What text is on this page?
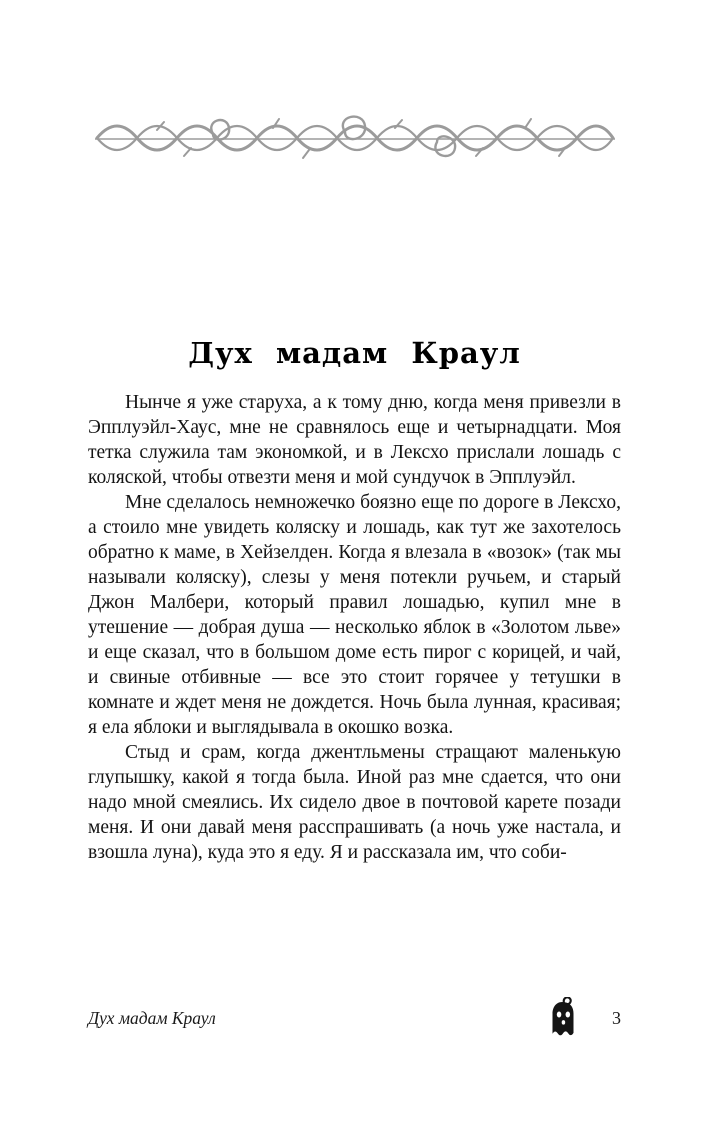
Дух мадам Краул

Нынче я уже старуха, а к тому дню, когда меня привезли в Эпплуэйл-Хаус, мне не сравнялось еще и четырнадцати. Моя тетка служила там экономкой, и в Лексхо прислали лошадь с коляской, чтобы отвезти меня и мой сундучок в Эпплуэйл.

Мне сделалось немножечко боязно еще по дороге в Лексхо, а стоило мне увидеть коляску и лошадь, как тут же захотелось обратно к маме, в Хейзелден. Когда я влезала в «возок» (так мы называли коляску), слезы у меня потекли ручьем, и старый Джон Малбери, который правил лошадью, купил мне в утешение — добрая душа — несколько яблок в «Золотом льве» и еще сказал, что в большом доме есть пирог с корицей, и чай, и свиные отбивные — все это стоит горячее у тетушки в комнате и ждет меня не дождется. Ночь была лунная, красивая; я ела яблоки и выглядывала в окошко возка.

Стыд и срам, когда джентльмены стращают маленькую глупышку, какой я тогда была. Иной раз мне сдается, что они надо мной смеялись. Их сидело двое в почтовой карете позади меня. И они давай меня расспрашивать (а ночь уже настала, и взошла луна), куда это я еду. Я и рассказала им, что соби-

Дух мадам Краул	3
